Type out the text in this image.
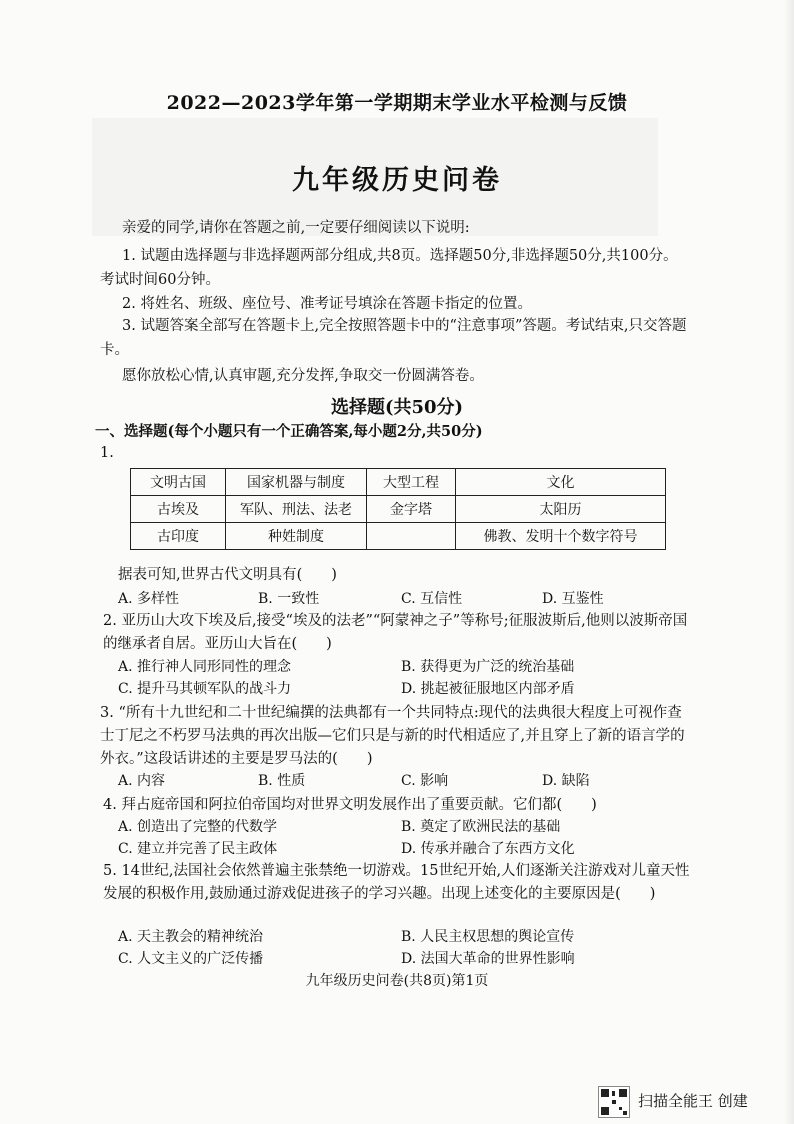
2022—2023学年第一学期期末学业水平检测与反馈
九年级历史问卷
亲爱的同学,请你在答题之前,一定要仔细阅读以下说明:
1. 试题由选择题与非选择题两部分组成,共8页。选择题50分,非选择题50分,共100分。考试时间60分钟。
2. 将姓名、班级、座位号、准考证号填涂在答题卡指定的位置。
3. 试题答案全部写在答题卡上,完全按照答题卡中的“注意事项”答题。考试结束,只交答题卡。
愿你放松心情,认真审题,充分发挥,争取交一份圆满答卷。
选择题(共50分)
一、选择题(每个小题只有一个正确答案,每小题2分,共50分)
1.
文明古国	国家机器与制度	大型工程	文化
古埃及	军队、刑法、法老	金字塔	太阳历
古印度	种姓制度		佛教、发明十个数字符号
据表可知,世界古代文明具有(　　)
A. 多样性	B. 一致性	C. 互信性	D. 互鉴性
2. 亚历山大攻下埃及后,接受“埃及的法老”“阿蒙神之子”等称号;征服波斯后,他则以波斯帝国的继承者自居。亚历山大旨在(　　)
A. 推行神人同形同性的理念	B. 获得更为广泛的统治基础
C. 提升马其顿军队的战斗力	D. 挑起被征服地区内部矛盾
3. “所有十九世纪和二十世纪编撰的法典都有一个共同特点:现代的法典很大程度上可视作查士丁尼之不朽罗马法典的再次出版—它们只是与新的时代相适应了,并且穿上了新的语言学的外衣。”这段话讲述的主要是罗马法的(　　)
A. 内容	B. 性质	C. 影响	D. 缺陷
4. 拜占庭帝国和阿拉伯帝国均对世界文明发展作出了重要贡献。它们都(　　)
A. 创造出了完整的代数学	B. 奠定了欧洲民法的基础
C. 建立并完善了民主政体	D. 传承并融合了东西方文化
5. 14世纪,法国社会依然普遍主张禁绝一切游戏。15世纪开始,人们逐渐关注游戏对儿童天性发展的积极作用,鼓励通过游戏促进孩子的学习兴趣。出现上述变化的主要原因是(　　)
A. 天主教会的精神统治	B. 人民主权思想的舆论宣传
C. 人文主义的广泛传播	D. 法国大革命的世界性影响
九年级历史问卷(共8页)第1页
扫描全能王 创建
